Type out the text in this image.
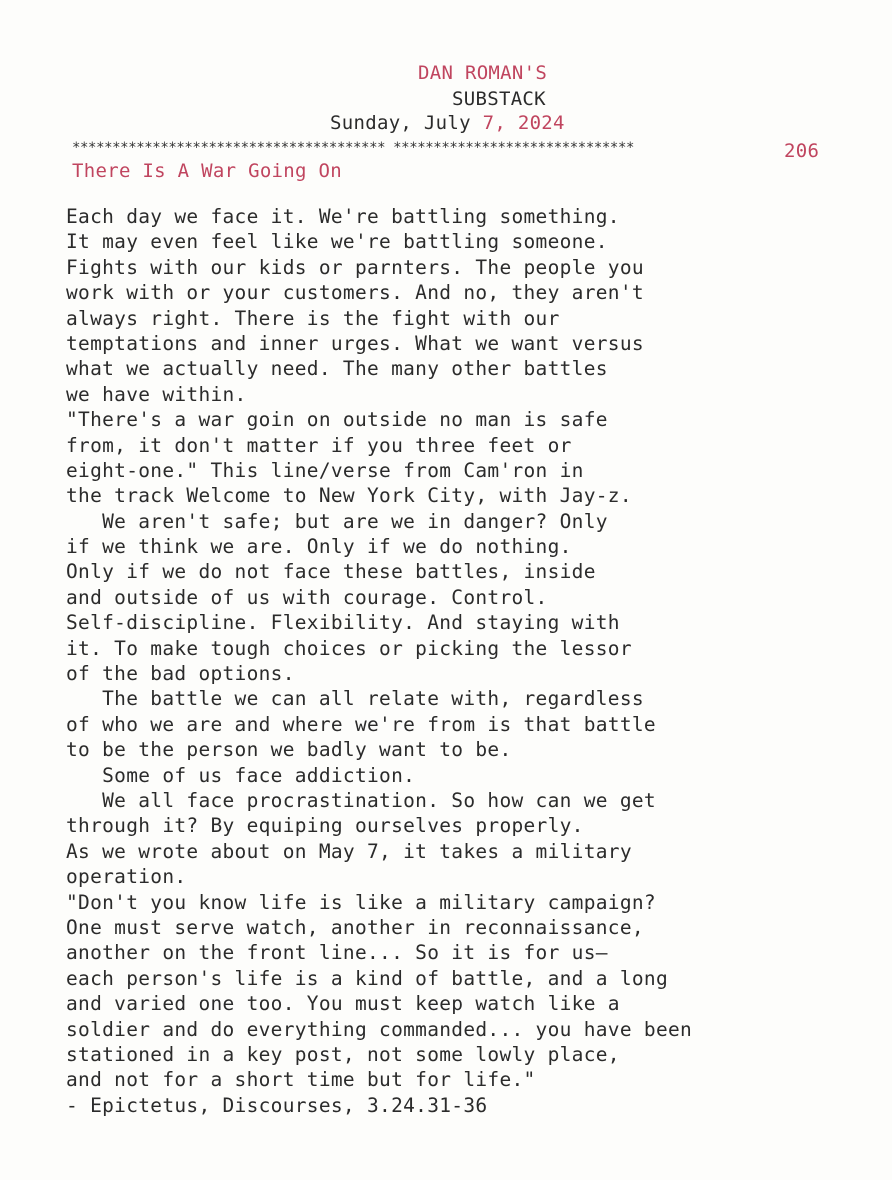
DAN ROMAN'S
SUBSTACK
Sunday, July 7, 2024
*************************************** ******************************	206
There Is A War Going On
Each day we face it. We're battling something.
It may even feel like we're battling someone.
Fights with our kids or parnters. The people you
work with or your customers. And no, they aren't
always right. There is the fight with our
temptations and inner urges. What we want versus
what we actually need. The many other battles
we have within.
"There's a war goin on outside no man is safe
from, it don't matter if you three feet or
eight-one." This line/verse from Cam'ron in
the track Welcome to New York City, with Jay-z.
We aren't safe; but are we in danger? Only
if we think we are. Only if we do nothing.
Only if we do not face these battles, inside
and outside of us with courage. Control.
Self-discipline. Flexibility. And staying with
it. To make tough choices or picking the lessor
of the bad options.
The battle we can all relate with, regardless
of who we are and where we're from is that battle
to be the person we badly want to be.
Some of us face addiction.
We all face procrastination. So how can we get
through it? By equiping ourselves properly.
As we wrote about on May 7, it takes a military
operation.
"Don't you know life is like a military campaign?
One must serve watch, another in reconnaissance,
another on the front line... So it is for us—
each person's life is a kind of battle, and a long
and varied one too. You must keep watch like a
soldier and do everything commanded... you have been
stationed in a key post, not some lowly place,
and not for a short time but for life."
- Epictetus, Discourses, 3.24.31-36
